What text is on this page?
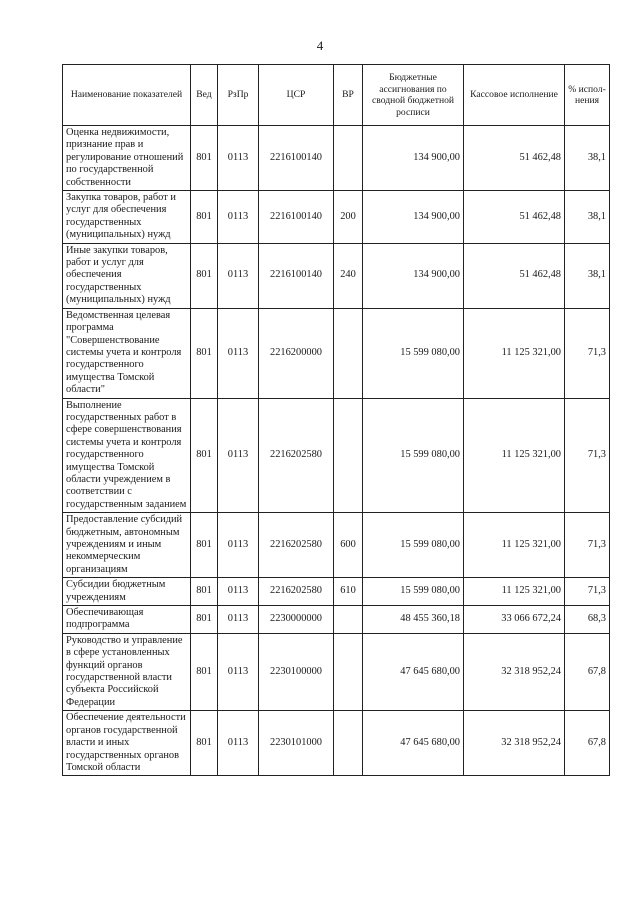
4
Наименование показателей	Вед	РзПр	ЦСР	ВР	Бюджетные ассигнования по сводной бюджетной росписи	Кассовое исполнение	% испол-нения
Оценка недвижимости, признание прав и регулирование отношений по государственной собственности	801	0113	2216100140		134 900,00	51 462,48	38,1
Закупка товаров, работ и услуг для обеспечения государственных (муниципальных) нужд	801	0113	2216100140	200	134 900,00	51 462,48	38,1
Иные закупки товаров, работ и услуг для обеспечения государственных (муниципальных) нужд	801	0113	2216100140	240	134 900,00	51 462,48	38,1
Ведомственная целевая программа "Совершенствование системы учета и контроля государственного имущества Томской области"	801	0113	2216200000		15 599 080,00	11 125 321,00	71,3
Выполнение государственных работ в сфере совершенствования системы учета и контроля государственного имущества Томской области учреждением в соответствии с государственным заданием	801	0113	2216202580		15 599 080,00	11 125 321,00	71,3
Предоставление субсидий бюджетным, автономным учреждениям и иным некоммерческим организациям	801	0113	2216202580	600	15 599 080,00	11 125 321,00	71,3
Субсидии бюджетным учреждениям	801	0113	2216202580	610	15 599 080,00	11 125 321,00	71,3
Обеспечивающая подпрограмма	801	0113	2230000000		48 455 360,18	33 066 672,24	68,3
Руководство и управление в сфере установленных функций органов государственной власти субъекта Российской Федерации	801	0113	2230100000		47 645 680,00	32 318 952,24	67,8
Обеспечение деятельности органов государственной власти и иных государственных органов Томской области	801	0113	2230101000		47 645 680,00	32 318 952,24	67,8
